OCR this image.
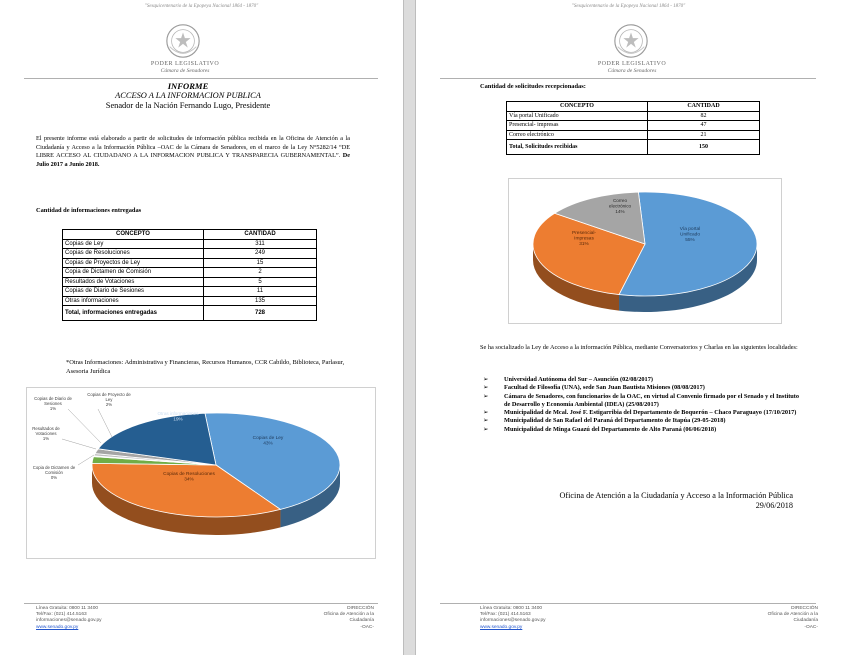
"Sesquicentenario de la Epopeya Nacional 1864 - 1870"
PODER LEGISLATIVO
Cámara de Senadores
INFORME
ACCESO A LA INFORMACION PUBLICA
Senador de la Nación Fernando Lugo, Presidente
El presente informe está elaborado a partir de solicitudes de información pública recibida en la Oficina de Atención a la Ciudadanía y Acceso a la Información Pública –OAC de la Cámara de Senadores, en el marco de la Ley N°5282/14 “DE LIBRE ACCESO AL CIUDADANO A LA INFORMACION PUBLICA Y TRANSPARECIA GUBERNAMENTAL”. De Julio 2017 a Junio 2018.
Cantidad de informaciones entregadas
CONCEPTO	CANTIDAD
Copias de Ley	311
Copias de Resoluciones	249
Copias de Proyectos de Ley	15
Copia de Dictamen de Comisión	2
Resultados de Votaciones	5
Copias de Diario de Sesiones	11
Otras informaciones	135
Total, informaciones entregadas	728
*Otras Informaciones: Administrativa y Financieras, Recursos Humanos, CCR Cabildo, Biblioteca, Parlasur, Asesoria Jurídica
Copias de Ley 43%
Copias de Resoluciones 34%
Otras informaciones 19%
Copias de Proyecto de Ley 2%
Copias de Diario de Sesiones 1%
Resultados de Votaciones 1%
Copia de Dictamen de Comisión 0%
Línea Gratuita: 0800 11 3400
Tel/Fax: (021) 414.5163
informaciones@senado.gov.py
www.senado.gov.py
DIRECCIÓN
Oficina de Atención a la
Ciudadanía
-OAC-
"Sesquicentenario de la Epopeya Nacional 1864 - 1870"
PODER LEGISLATIVO
Cámara de Senadores
Cantidad de solicitudes recepcionadas:
CONCEPTO	CANTIDAD
Vía portal Unificado	82
Presencial- impresas	47
Correo electrónico	21
Total, Solicitudes recibidas	150
Vía portal Unificado 55%
Presencial-Impresas 31%
Correo electrónico 14%
Se ha socializado la Ley de Acceso a la información Pública, mediante Conversatorios y Charlas en las siguientes localidades:
➢ Universidad Autónoma del Sur – Asunción (02/08/2017)
➢ Facultad de Filosofía (UNA), sede San Juan Bautista Misiones (08/08/2017)
➢ Cámara de Senadores, con funcionarios de la OAC, en virtud al Convenio firmado por el Senado y el Instituto de Desarrollo y Economía Ambiental (IDEA) (25/08/2017)
➢ Municipalidad de Mcal. José F. Estigarribia del Departamento de Boquerón – Chaco Paraguayo (17/10/2017)
➢ Municipalidad de San Rafael del Paraná del Departamento de Itapúa (29-05-2018)
➢ Municipalidad de Minga Guazú del Departamento de Alto Paraná (06/06/2018)
Oficina de Atención a la Ciudadanía y Acceso a la Información Pública
29/06/2018
Línea Gratuita: 0800 11 3400
Tel/Fax: (021) 414.5163
informaciones@senado.gov.py
www.senado.gov.py
DIRECCIÓN
Oficina de Atención a la
Ciudadanía
-OAC-
